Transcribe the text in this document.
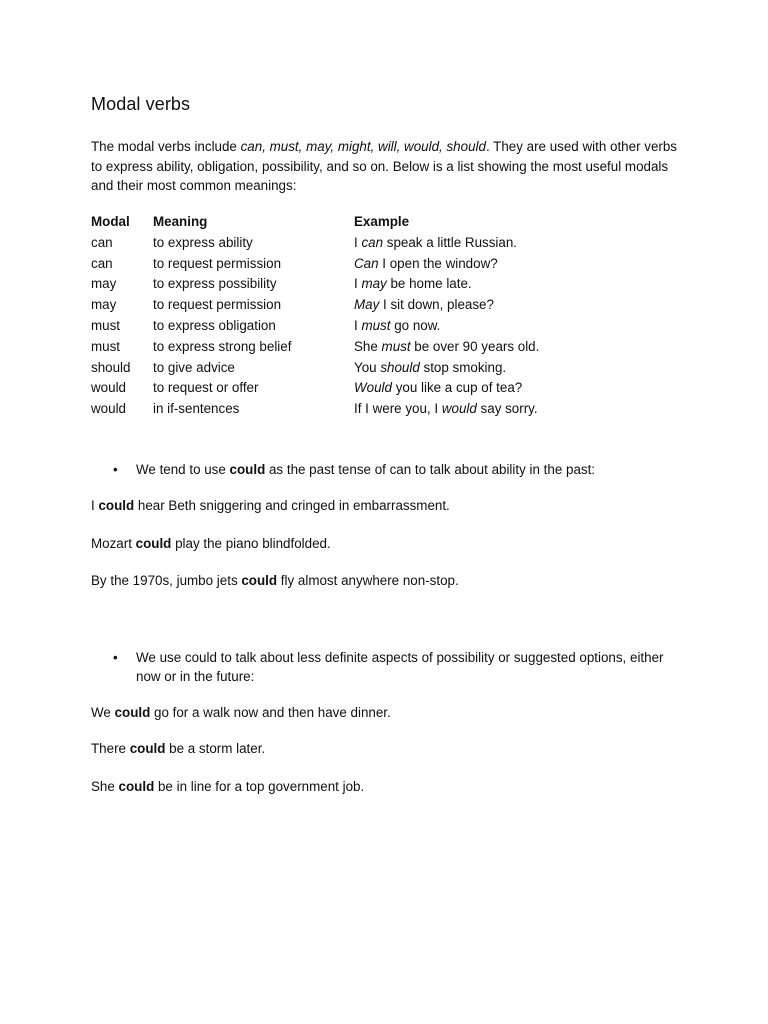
Modal verbs

The modal verbs include can, must, may, might, will, would, should. They are used with other verbs to express ability, obligation, possibility, and so on. Below is a list showing the most useful modals and their most common meanings:

Modal Meaning	Example
can	to express ability	I can speak a little Russian.
can	to request permission	Can I open the window?
may	to express possibility	I may be home late.
may	to request permission	May I sit down, please?
must to express obligation	I must go now.
must to express strong belief	She must be over 90 years old.
should to give advice	You should stop smoking.
would to request or offer	Would you like a cup of tea?
would in if-sentences	If I were you, I would say sorry.
• We tend to use could as the past tense of can to talk about ability in the past:
I could hear Beth sniggering and cringed in embarrassment.
Mozart could play the piano blindfolded.
By the 1970s, jumbo jets could fly almost anywhere non-stop.
• We use could to talk about less definite aspects of possibility or suggested options, either now or in the future:
We could go for a walk now and then have dinner.
There could be a storm later.
She could be in line for a top government job.
